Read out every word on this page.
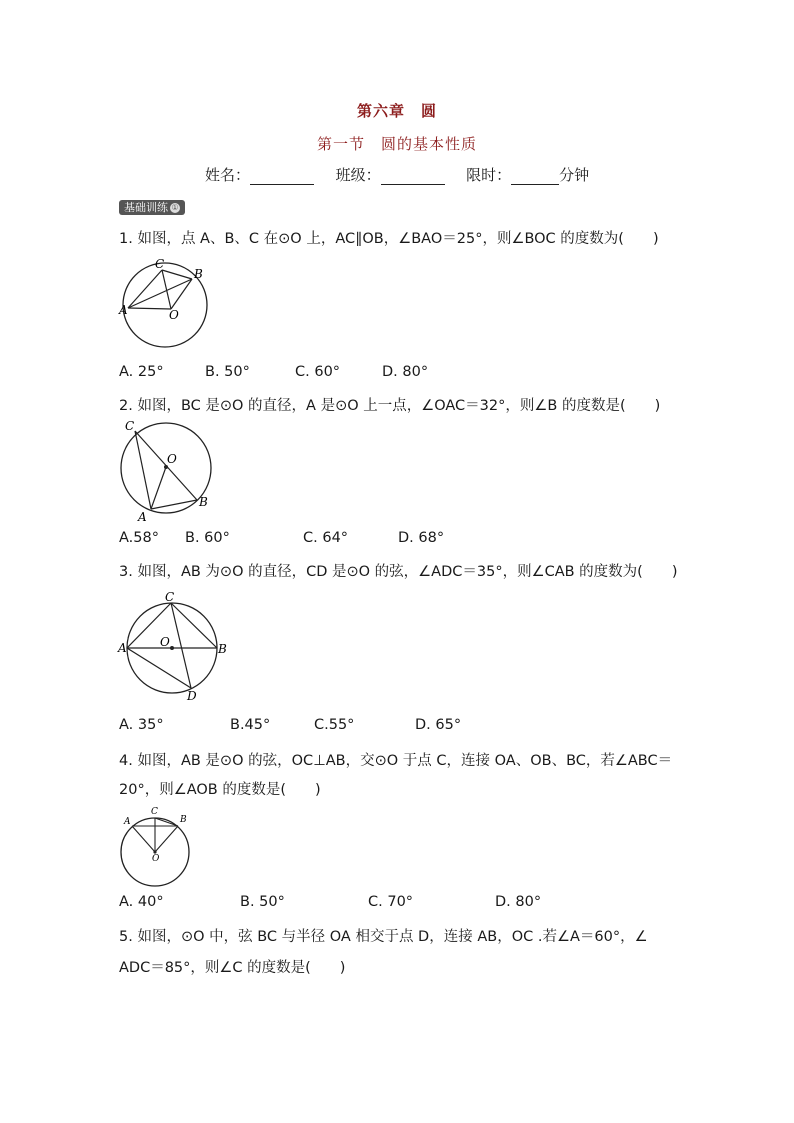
第六章　圆
第一节　圆的基本性质
姓名：	班级：	限时：	分钟
基础训练 ①
1. 如图，点 A、B、C 在⊙O 上，AC∥OB，∠BAO＝25°，则∠BOC 的度数为(　　)
C
B
A	O
A. 25°	B. 50°	C. 60°	D. 80°
2. 如图，BC 是⊙O 的直径，A 是⊙O 上一点，∠OAC＝32°，则∠B 的度数是(　　)
C
O
B
A
A.58° B. 60°	C. 64°	D. 68°
3. 如图，AB 为⊙O 的直径，CD 是⊙O 的弦，∠ADC＝35°，则∠CAB 的度数为(　　)
C
A	O	B
D
A. 35°	B.45°	C.55°	D. 65°
4. 如图，AB 是⊙O 的弦，OC⊥AB，交⊙O 于点 C，连接 OA、OB、BC，若∠ABC＝
20°，则∠AOB 的度数是(　　)
A
C
B
O
A. 40°	B. 50°	C. 70°	D. 80°
5. 如图，⊙O 中，弦 BC 与半径 OA 相交于点 D，连接 AB，OC .若∠A＝60°，∠
ADC＝85°，则∠C 的度数是(　　)
